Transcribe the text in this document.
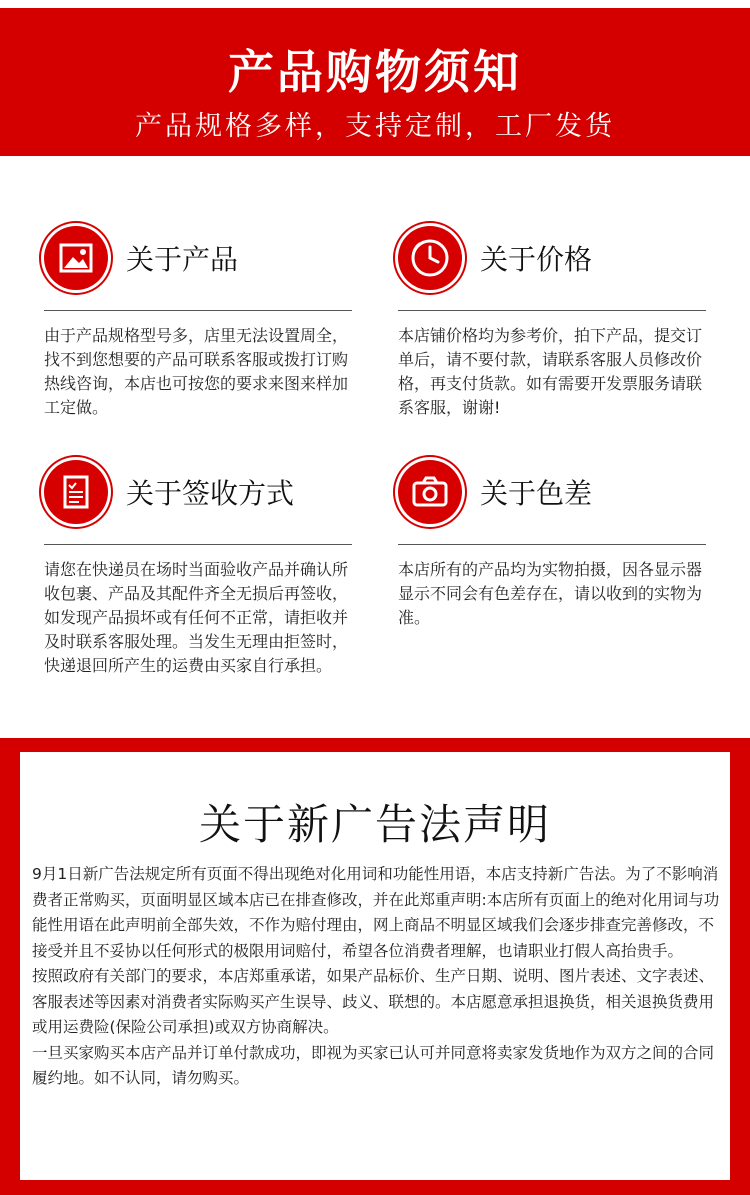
产品购物须知
产品规格多样，支持定制，工厂发货
关于产品

由于产品规格型号多，店里无法设置周全，找不到您想要的产品可联系客服或拨打订购热线咨询，本店也可按您的要求来图来样加工定做。

关于价格

本店铺价格均为参考价，拍下产品，提交订单后，请不要付款，请联系客服人员修改价格，再支付货款。如有需要开发票服务请联系客服，谢谢!

关于签收方式

请您在快递员在场时当面验收产品并确认所收包裹、产品及其配件齐全无损后再签收，如发现产品损坏或有任何不正常，请拒收并及时联系客服处理。当发生无理由拒签时，快递退回所产生的运费由买家自行承担。

关于色差

本店所有的产品均为实物拍摄，因各显示器显示不同会有色差存在，请以收到的实物为准。

关于新广告法声明

9月1日新广告法规定所有页面不得出现绝对化用词和功能性用语，本店支持新广告法。为了不影响消费者正常购买，页面明显区域本店已在排查修改，并在此郑重声明:本店所有页面上的绝对化用词与功能性用语在此声明前全部失效，不作为赔付理由，网上商品不明显区域我们会逐步排查完善修改，不接受并且不妥协以任何形式的极限用词赔付，希望各位消费者理解，也请职业打假人高抬贵手。

按照政府有关部门的要求，本店郑重承诺，如果产品标价、生产日期、说明、图片表述、文字表述、客服表述等因素对消费者实际购买产生误导、歧义、联想的。本店愿意承担退换货，相关退换货费用或用运费险(保险公司承担)或双方协商解决。

一旦买家购买本店产品并订单付款成功，即视为买家已认可并同意将卖家发货地作为双方之间的合同履约地。如不认同，请勿购买。
